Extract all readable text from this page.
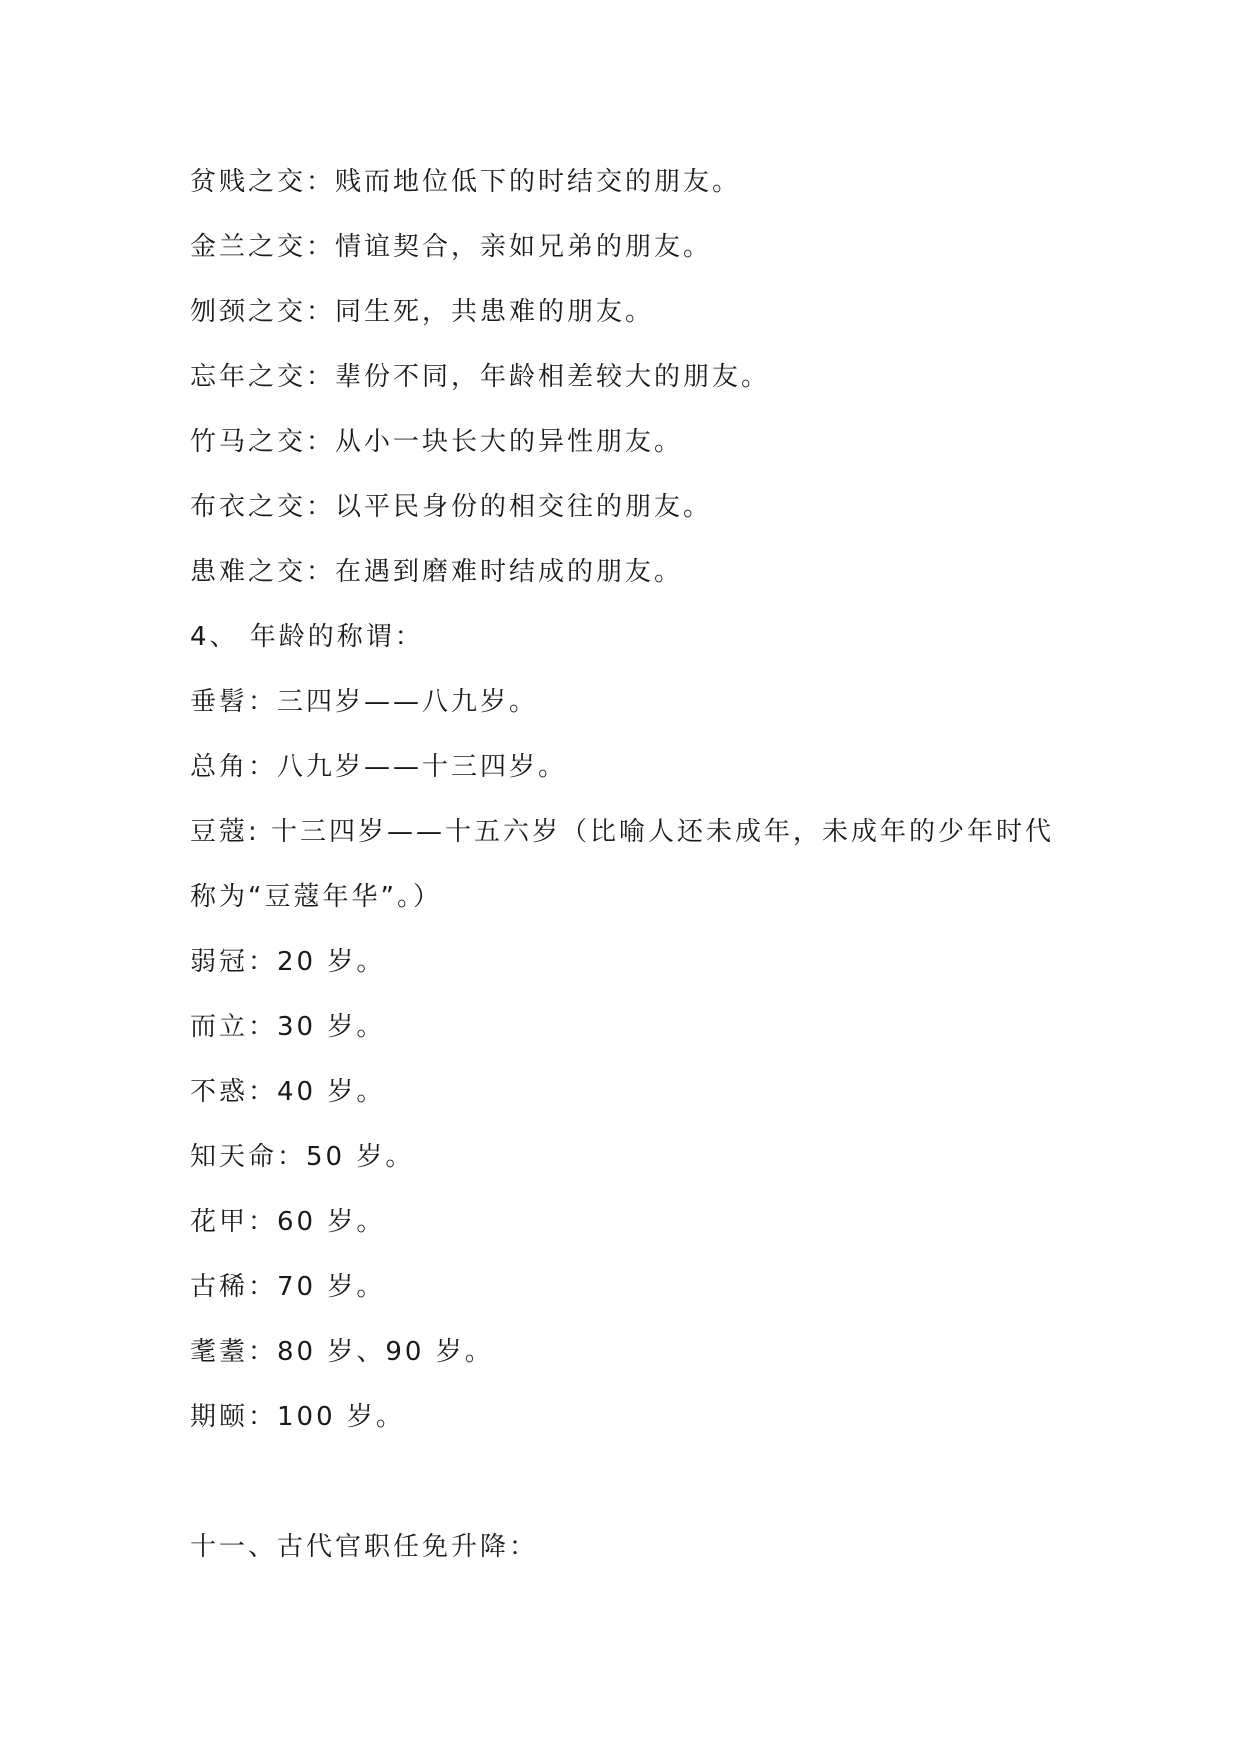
贫贱之交：贱而地位低下的时结交的朋友。
金兰之交：情谊契合，亲如兄弟的朋友。
刎颈之交：同生死，共患难的朋友。
忘年之交：辈份不同，年龄相差较大的朋友。
竹马之交：从小一块长大的异性朋友。
布衣之交：以平民身份的相交往的朋友。
患难之交：在遇到磨难时结成的朋友。
4、 年龄的称谓：
垂髫：三四岁——八九岁。
总角：八九岁——十三四岁。
豆蔻: 十三四岁——十五六岁（比喻人还未成年，未成年的少年时代
称为“豆蔻年华”。）
弱冠：20 岁。
而立：30 岁。
不惑：40 岁。
知天命：50 岁。
花甲：60 岁。
古稀：70 岁。
耄耋：80 岁、90 岁。
期颐：100 岁。
十一、古代官职任免升降：
